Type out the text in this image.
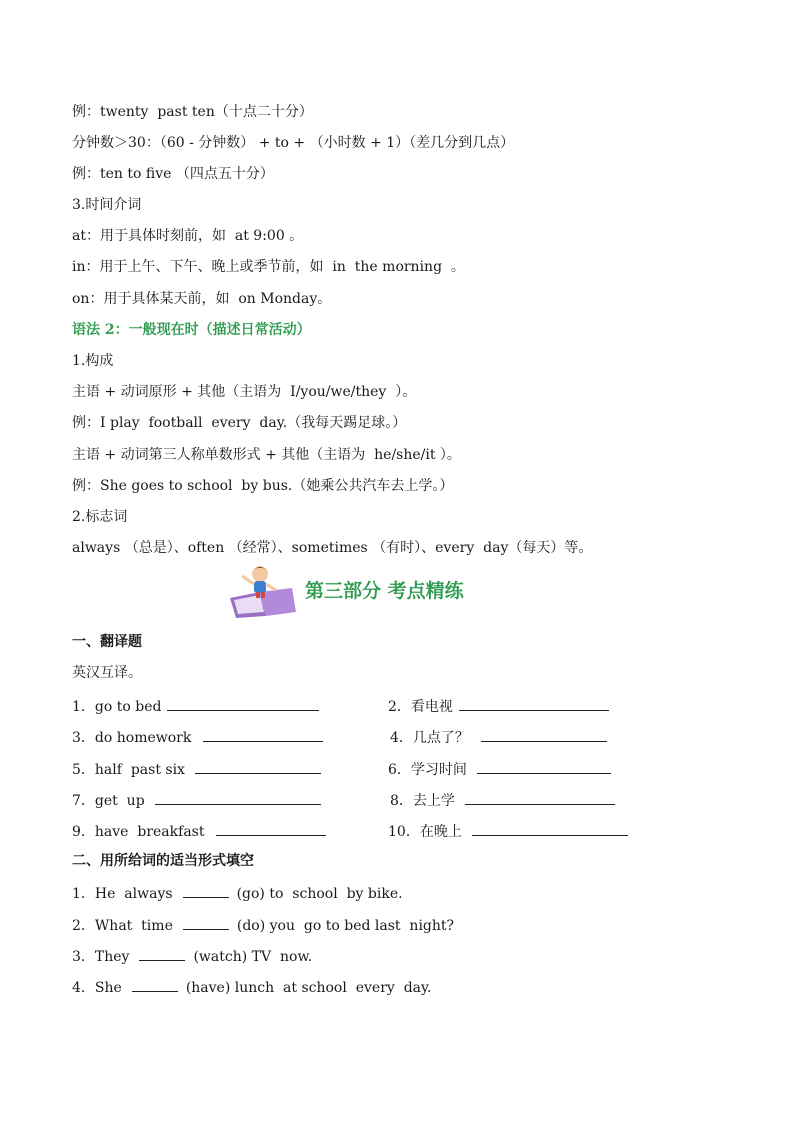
例：twenty  past ten（十点二十分）
分钟数＞30：（60 - 分钟数） + to + （小时数 + 1）（差几分到几点）
例：ten to five （四点五十分）
3.时间介词
at：用于具体时刻前，如  at 9:00 。
in：用于上午、下午、晚上或季节前，如  in  the morning  。
on：用于具体某天前，如  on Monday。
语法 2：一般现在时（描述日常活动）
1.构成
主语 + 动词原形 + 其他（主语为  I/you/we/they  ）。
例：I play  football  every  day.（我每天踢足球。）
主语 + 动词第三人称单数形式 + 其他（主语为  he/she/it ）。
例：She goes to school  by bus.（她乘公共汽车去上学。）
2.标志词
always （总是）、often （经常）、sometimes （有时）、every  day（每天）等。
第三部分 考点精练
一、翻译题
英汉互译。
1．go to bed	2．看电视
3．do homework	4．几点了？
5．half  past six	6．学习时间
7．get  up	8．去上学
9．have  breakfast	10．在晚上
二、用所给词的适当形式填空
1．He  always	(go) to  school  by bike.
2．What  time	(do) you  go to bed last  night?
3．They	(watch) TV  now.
4．She	(have) lunch  at school  every  day.
